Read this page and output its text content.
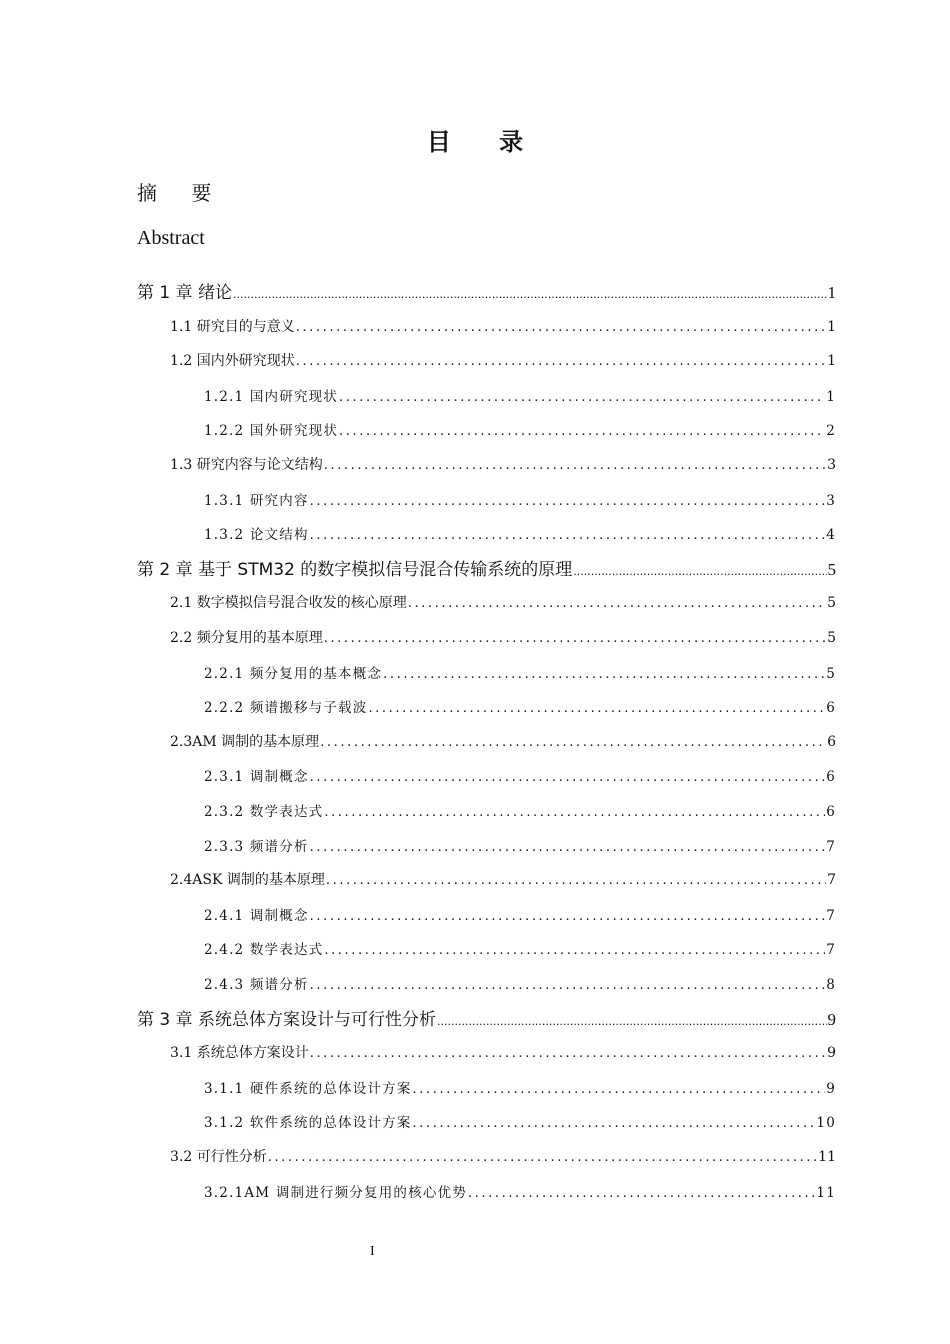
目 录
摘 要
Abstract
第 1 章 绪论 .....	1
1.1 研究目的与意义 .....	1
1.2 国内外研究现状 .....	1
1.2.1 国内研究现状 .....	1
1.2.2 国外研究现状 .....	2
1.3 研究内容与论文结构 .....	3
1.3.1 研究内容 .....	3
1.3.2 论文结构 .....	4
第 2 章 基于 STM32 的数字模拟信号混合传输系统的原理 .....	5
2.1 数字模拟信号混合收发的核心原理 .....	5
2.2 频分复用的基本原理 .....	5
2.2.1 频分复用的基本概念 .....	5
2.2.2 频谱搬移与子载波 .....	6
2.3AM 调制的基本原理 .....	6
2.3.1 调制概念 .....	6
2.3.2 数学表达式 .....	6
2.3.3 频谱分析 .....	7
2.4ASK 调制的基本原理 .....	7
2.4.1 调制概念 .....	7
2.4.2 数学表达式 .....	7
2.4.3 频谱分析 .....	8
第 3 章 系统总体方案设计与可行性分析 .....	9
3.1 系统总体方案设计 .....	9
3.1.1 硬件系统的总体设计方案 .....	9
3.1.2 软件系统的总体设计方案 .....	10
3.2 可行性分析 .....	11
3.2.1AM 调制进行频分复用的核心优势 .....	11
I
